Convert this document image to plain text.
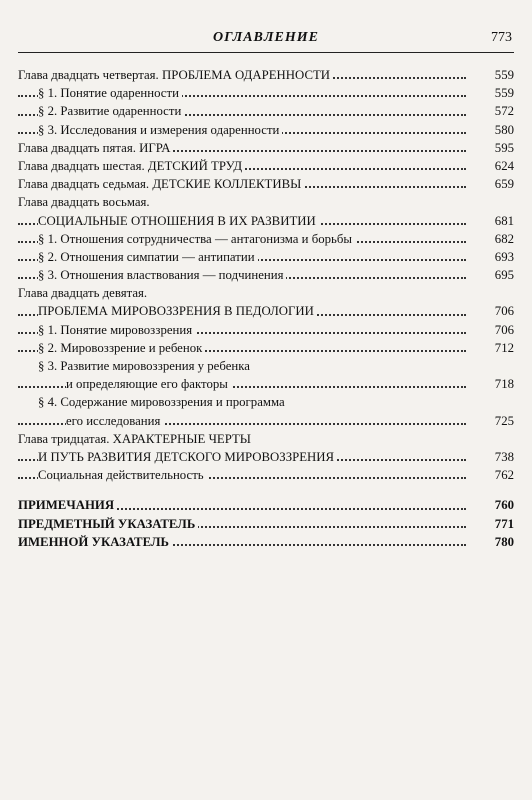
ОГЛАВЛЕНИЕ	773
Глава двадцать четвертая. ПРОБЛЕМА ОДАРЕННОСТИ	559
§ 1. Понятие одаренности	559
§ 2. Развитие одаренности	572
§ 3. Исследования и измерения одаренности	580
Глава двадцать пятая. ИГРА	595
Глава двадцать шестая. ДЕТСКИЙ ТРУД	624
Глава двадцать седьмая. ДЕТСКИЕ КОЛЛЕКТИВЫ	659
Глава двадцать восьмая.
СОЦИАЛЬНЫЕ ОТНОШЕНИЯ В ИХ РАЗВИТИИ	681
§ 1. Отношения сотрудничества — антагонизма и борьбы	682
§ 2. Отношения симпатии — антипатии	693
§ 3. Отношения властвования — подчинения	695
Глава двадцать девятая.
ПРОБЛЕМА МИРОВОЗЗРЕНИЯ В ПЕДОЛОГИИ	706
§ 1. Понятие мировоззрения	706
§ 2. Мировоззрение и ребенок	712
§ 3. Развитие мировоззрения у ребенка
и определяющие его факторы	718
§ 4. Содержание мировоззрения и программа
его исследования	725
Глава тридцатая. ХАРАКТЕРНЫЕ ЧЕРТЫ
И ПУТЬ РАЗВИТИЯ ДЕТСКОГО МИРОВОЗЗРЕНИЯ	738
Социальная действительность	762
ПРИМЕЧАНИЯ	760
ПРЕДМЕТНЫЙ УКАЗАТЕЛЬ	771
ИМЕННОЙ УКАЗАТЕЛЬ	780
